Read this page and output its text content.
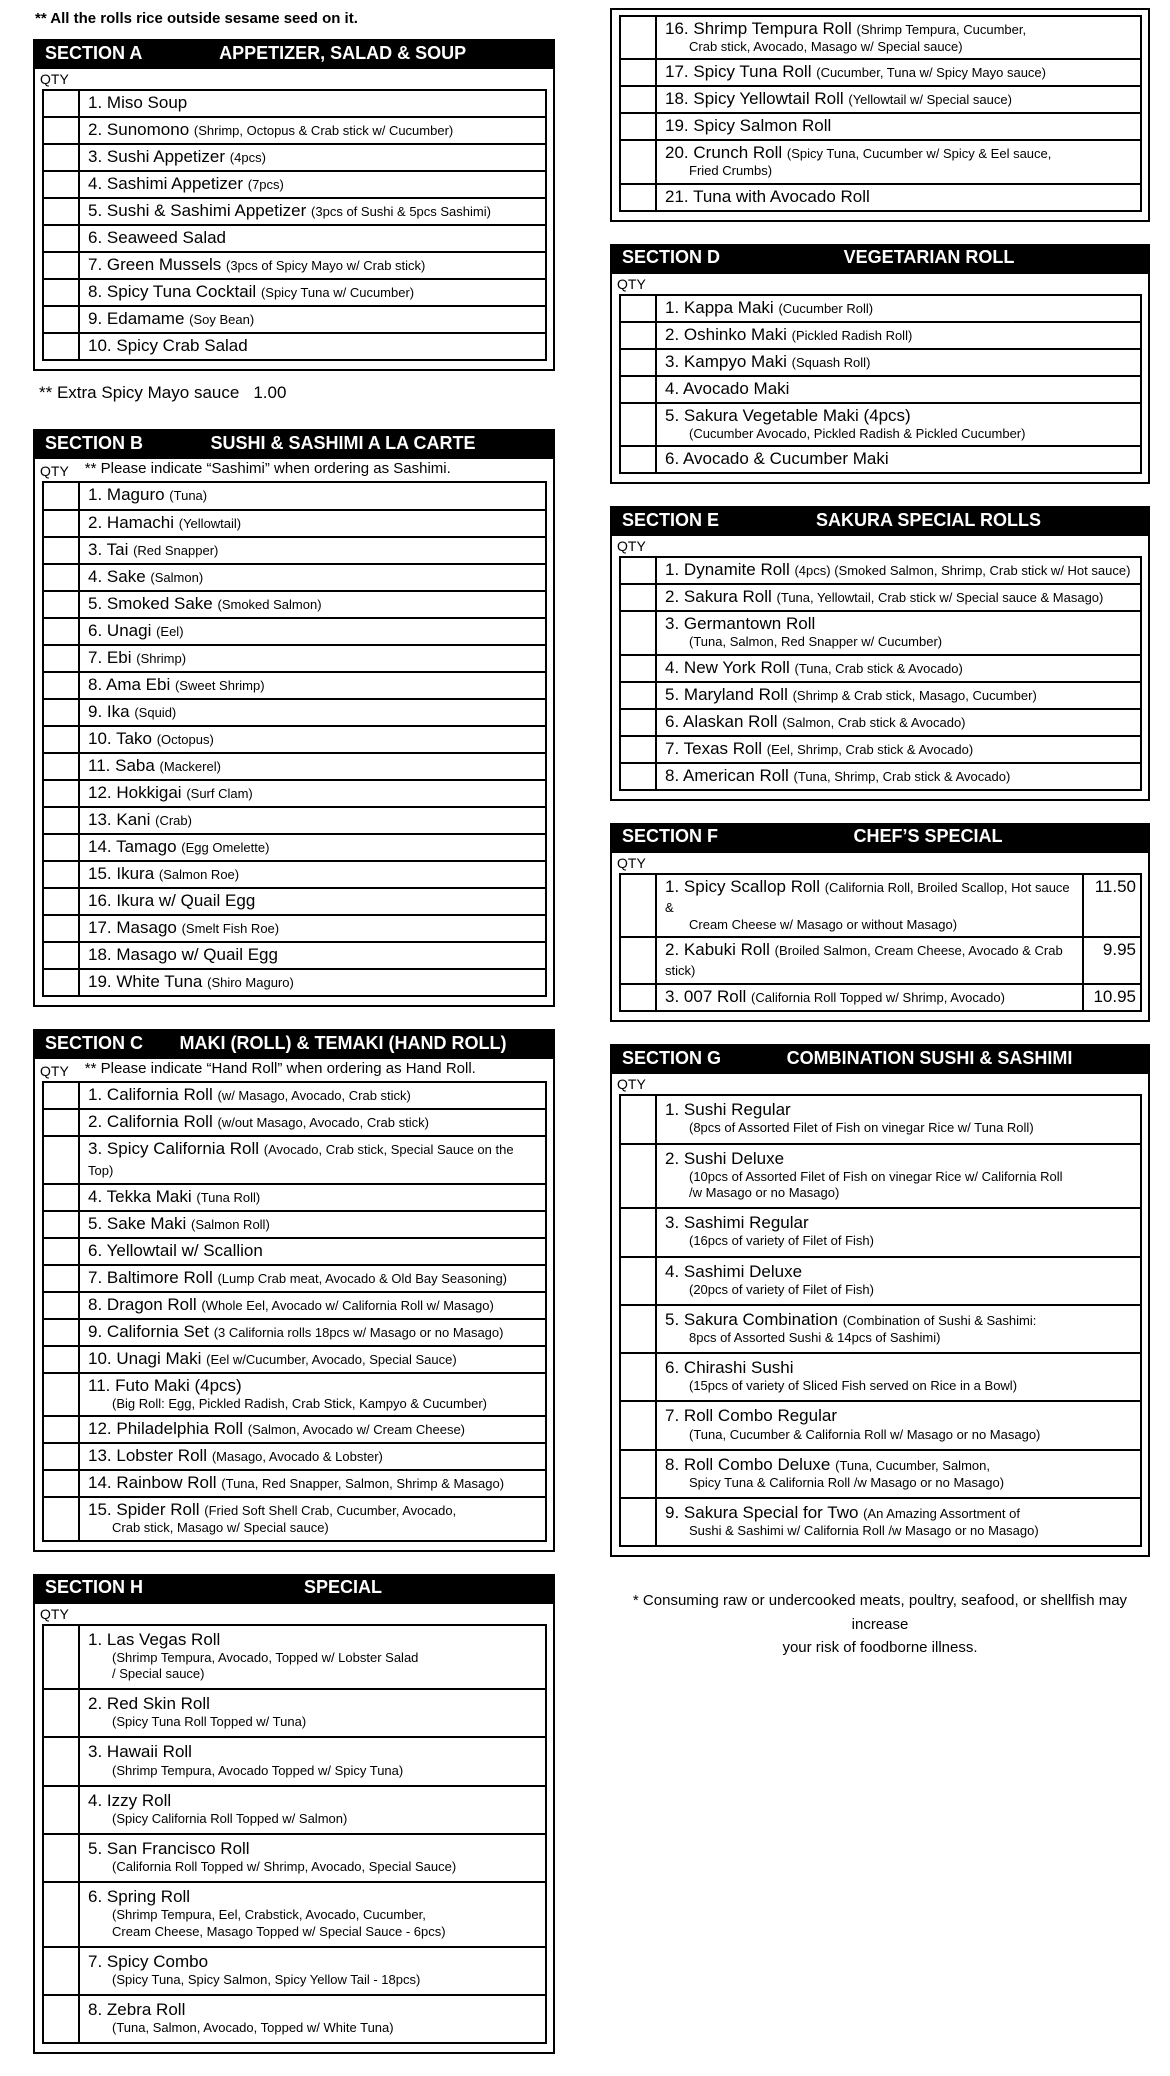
** All the rolls rice outside sesame seed on it.
SECTION A	APPETIZER, SALAD & SOUP
QTY
1. Miso Soup
2. Sunomono (Shrimp, Octopus & Crab stick w/ Cucumber)
3. Sushi Appetizer (4pcs)
4. Sashimi Appetizer (7pcs)
5. Sushi & Sashimi Appetizer (3pcs of Sushi & 5pcs Sashimi)
6. Seaweed Salad
7. Green Mussels (3pcs of Spicy Mayo w/ Crab stick)
8. Spicy Tuna Cocktail (Spicy Tuna w/ Cucumber)
9. Edamame (Soy Bean)
10. Spicy Crab Salad
** Extra Spicy Mayo sauce 1.00
SECTION B	SUSHI & SASHIMI A LA CARTE
QTY ** Please indicate “Sashimi” when ordering as Sashimi.
1. Maguro (Tuna)
2. Hamachi (Yellowtail)
3. Tai (Red Snapper)
4. Sake (Salmon)
5. Smoked Sake (Smoked Salmon)
6. Unagi (Eel)
7. Ebi (Shrimp)
8. Ama Ebi (Sweet Shrimp)
9. Ika (Squid)
10. Tako (Octopus)
11. Saba (Mackerel)
12. Hokkigai (Surf Clam)
13. Kani (Crab)
14. Tamago (Egg Omelette)
15. Ikura (Salmon Roe)
16. Ikura w/ Quail Egg
17. Masago (Smelt Fish Roe)
18. Masago w/ Quail Egg
19. White Tuna (Shiro Maguro)
SECTION C	MAKI (ROLL) & TEMAKI (HAND ROLL)
QTY ** Please indicate “Hand Roll” when ordering as Hand Roll.
1. California Roll (w/ Masago, Avocado, Crab stick)
2. California Roll (w/out Masago, Avocado, Crab stick)
3. Spicy California Roll (Avocado, Crab stick, Special Sauce on the Top)
4. Tekka Maki (Tuna Roll)
5. Sake Maki (Salmon Roll)
6. Yellowtail w/ Scallion
7. Baltimore Roll (Lump Crab meat, Avocado & Old Bay Seasoning)
8. Dragon Roll (Whole Eel, Avocado w/ California Roll w/ Masago)
9. California Set (3 California rolls 18pcs w/ Masago or no Masago)
10. Unagi Maki (Eel w/Cucumber, Avocado, Special Sauce)
11. Futo Maki (4pcs)
(Big Roll: Egg, Pickled Radish, Crab Stick, Kampyo & Cucumber)
12. Philadelphia Roll (Salmon, Avocado w/ Cream Cheese)
13. Lobster Roll (Masago, Avocado & Lobster)
14. Rainbow Roll (Tuna, Red Snapper, Salmon, Shrimp & Masago)
15. Spider Roll (Fried Soft Shell Crab, Cucumber, Avocado,
Crab stick, Masago w/ Special sauce)
SECTION H	SPECIAL
QTY
1. Las Vegas Roll
(Shrimp Tempura, Avocado, Topped w/ Lobster Salad
/ Special sauce)
2. Red Skin Roll
(Spicy Tuna Roll Topped w/ Tuna)
3. Hawaii Roll
(Shrimp Tempura, Avocado Topped w/ Spicy Tuna)
4. Izzy Roll
(Spicy California Roll Topped w/ Salmon)
5. San Francisco Roll
(California Roll Topped w/ Shrimp, Avocado, Special Sauce)
6. Spring Roll
(Shrimp Tempura, Eel, Crabstick, Avocado, Cucumber,
Cream Cheese, Masago Topped w/ Special Sauce - 6pcs)
7. Spicy Combo
(Spicy Tuna, Spicy Salmon, Spicy Yellow Tail - 18pcs)
8. Zebra Roll
(Tuna, Salmon, Avocado, Topped w/ White Tuna)
16. Shrimp Tempura Roll (Shrimp Tempura, Cucumber,
Crab stick, Avocado, Masago w/ Special sauce)
17. Spicy Tuna Roll (Cucumber, Tuna w/ Spicy Mayo sauce)
18. Spicy Yellowtail Roll (Yellowtail w/ Special sauce)
19. Spicy Salmon Roll
20. Crunch Roll (Spicy Tuna, Cucumber w/ Spicy & Eel sauce,
Fried Crumbs)
21. Tuna with Avocado Roll
SECTION D	VEGETARIAN ROLL
QTY
1. Kappa Maki (Cucumber Roll)
2. Oshinko Maki (Pickled Radish Roll)
3. Kampyo Maki (Squash Roll)
4. Avocado Maki
5. Sakura Vegetable Maki (4pcs)
(Cucumber Avocado, Pickled Radish & Pickled Cucumber)
6. Avocado & Cucumber Maki
SECTION E	SAKURA SPECIAL ROLLS
QTY
1. Dynamite Roll (4pcs) (Smoked Salmon, Shrimp, Crab stick w/ Hot sauce)
2. Sakura Roll (Tuna, Yellowtail, Crab stick w/ Special sauce & Masago)
3. Germantown Roll
(Tuna, Salmon, Red Snapper w/ Cucumber)
4. New York Roll (Tuna, Crab stick & Avocado)
5. Maryland Roll (Shrimp & Crab stick, Masago, Cucumber)
6. Alaskan Roll (Salmon, Crab stick & Avocado)
7. Texas Roll (Eel, Shrimp, Crab stick & Avocado)
8. American Roll (Tuna, Shrimp, Crab stick & Avocado)
SECTION F	CHEF’S SPECIAL
QTY
1. Spicy Scallop Roll (California Roll, Broiled Scallop, Hot sauce &
Cream Cheese w/ Masago or without Masago)
11.50
2. Kabuki Roll (Broiled Salmon, Cream Cheese, Avocado & Crab stick)
9.95
3. 007 Roll (California Roll Topped w/ Shrimp, Avocado)	10.95
SECTION G	COMBINATION SUSHI & SASHIMI
QTY
1. Sushi Regular
(8pcs of Assorted Filet of Fish on vinegar Rice w/ Tuna Roll)
2. Sushi Deluxe
(10pcs of Assorted Filet of Fish on vinegar Rice w/ California Roll
/w Masago or no Masago)
3. Sashimi Regular
(16pcs of variety of Filet of Fish)
4. Sashimi Deluxe
(20pcs of variety of Filet of Fish)
5. Sakura Combination (Combination of Sushi & Sashimi:
8pcs of Assorted Sushi & 14pcs of Sashimi)
6. Chirashi Sushi
(15pcs of variety of Sliced Fish served on Rice in a Bowl)
7. Roll Combo Regular
(Tuna, Cucumber & California Roll w/ Masago or no Masago)
8. Roll Combo Deluxe (Tuna, Cucumber, Salmon,
Spicy Tuna & California Roll /w Masago or no Masago)
9. Sakura Special for Two (An Amazing Assortment of
Sushi & Sashimi w/ California Roll /w Masago or no Masago)
* Consuming raw or undercooked meats, poultry, seafood, or shellfish may increase
your risk of foodborne illness.
